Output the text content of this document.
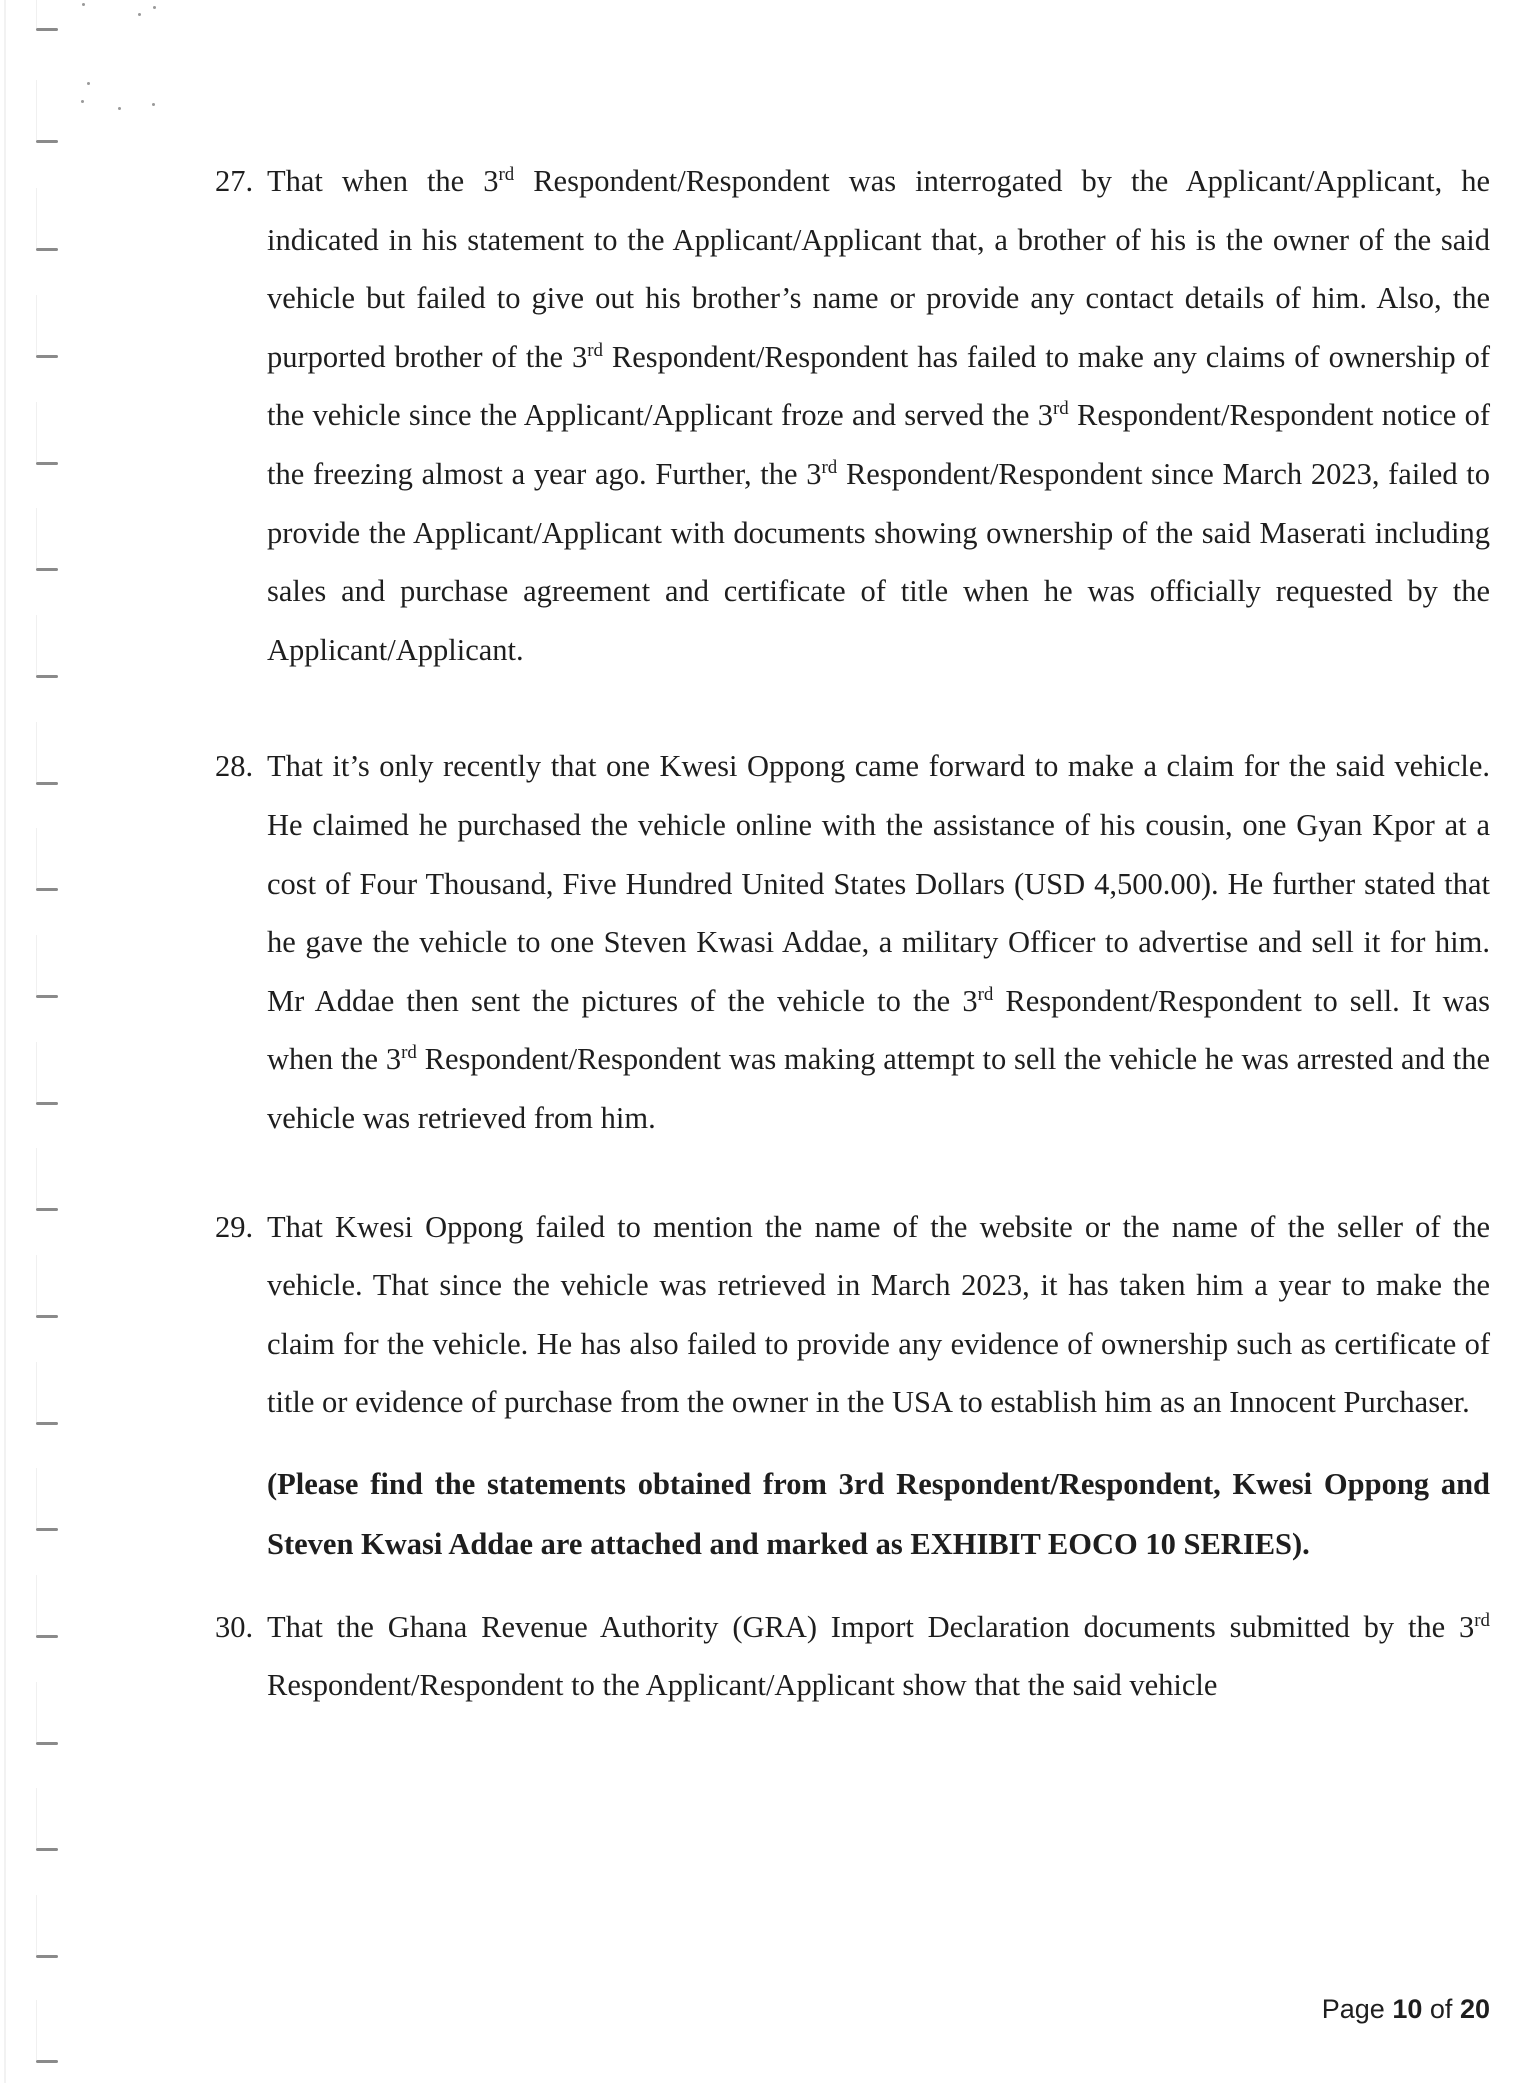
27. That when the 3rd Respondent/Respondent was interrogated by the Applicant/Applicant, he indicated in his statement to the Applicant/Applicant that, a brother of his is the owner of the said vehicle but failed to give out his brother’s name or provide any contact details of him. Also, the purported brother of the 3rd Respondent/Respondent has failed to make any claims of ownership of the vehicle since the Applicant/Applicant froze and served the 3rd Respondent/Respondent notice of the freezing almost a year ago. Further, the 3rd Respondent/Respondent since March 2023, failed to provide the Applicant/Applicant with documents showing ownership of the said Maserati including sales and purchase agreement and certificate of title when he was officially requested by the Applicant/Applicant.

28. That it’s only recently that one Kwesi Oppong came forward to make a claim for the said vehicle. He claimed he purchased the vehicle online with the assistance of his cousin, one Gyan Kpor at a cost of Four Thousand, Five Hundred United States Dollars (USD 4,500.00). He further stated that he gave the vehicle to one Steven Kwasi Addae, a military Officer to advertise and sell it for him. Mr Addae then sent the pictures of the vehicle to the 3rd Respondent/Respondent to sell. It was when the 3rd Respondent/Respondent was making attempt to sell the vehicle he was arrested and the vehicle was retrieved from him.

29. That Kwesi Oppong failed to mention the name of the website or the name of the seller of the vehicle. That since the vehicle was retrieved in March 2023, it has taken him a year to make the claim for the vehicle. He has also failed to provide any evidence of ownership such as certificate of title or evidence of purchase from the owner in the USA to establish him as an Innocent Purchaser.

(Please find the statements obtained from 3rd Respondent/Respondent, Kwesi Oppong and Steven Kwasi Addae are attached and marked as EXHIBIT EOCO 10 SERIES).

30. That the Ghana Revenue Authority (GRA) Import Declaration documents submitted by the 3rd Respondent/Respondent to the Applicant/Applicant show that the said vehicle

Page 10 of 20
